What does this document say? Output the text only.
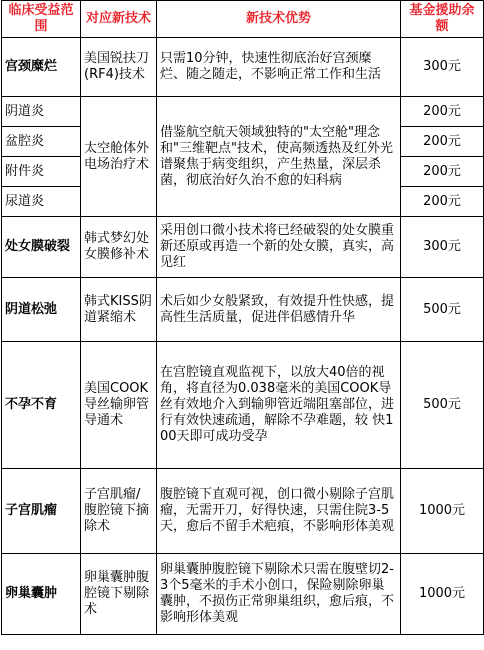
临床受益范围	对应新技术	新技术优势	基金援助余额
宫颈糜烂	美国锐扶刀(RF4)技术	只需10分钟，快速性彻底治好宫颈糜烂、随之随走，不影响正常工作和生活	300元
阴道炎	太空舱体外电场治疗术	借鉴航空航天领域独特的"太空舱"理念和"三维靶点"技术，使高频透热及红外光谱聚焦于病变组织，产生热量，深层杀菌，彻底治好久治不愈的妇科病	200元
盆腔炎			200元
附件炎			200元
尿道炎			200元
处女膜破裂	韩式梦幻处女膜修补术	采用创口微小技术将已经破裂的处女膜重新还原或再造一个新的处女膜，真实，高见红	300元
阴道松弛	韩式KISS阴道紧缩术	术后如少女般紧致，有效提升性快感，提高性生活质量，促进伴侣感情升华	500元
不孕不育	美国COOK导丝输卵管导通术	在宫腔镜直观监视下，以放大40倍的视角，将直径为0.038毫米的美国COOK导丝有效地介入到输卵管近端阻塞部位，进行有效快速疏通，解除不孕难题，较 快100天即可成功受孕	500元
子宫肌瘤	子宫肌瘤/腹腔镜下摘除术	腹腔镜下直观可视，创口微小剔除子宫肌瘤，无需开刀，好得快速，只需住院3-5天，愈后不留手术疤痕，不影响形体美观	1000元
卵巢囊肿	卵巢囊肿腹腔镜下剔除术	卵巢囊肿腹腔镜下剔除术只需在腹壁切2-3个5毫米的手术小创口，保险剔除卵巢囊肿，不损伤正常卵巢组织，愈后痕，不影响形体美观	1000元
